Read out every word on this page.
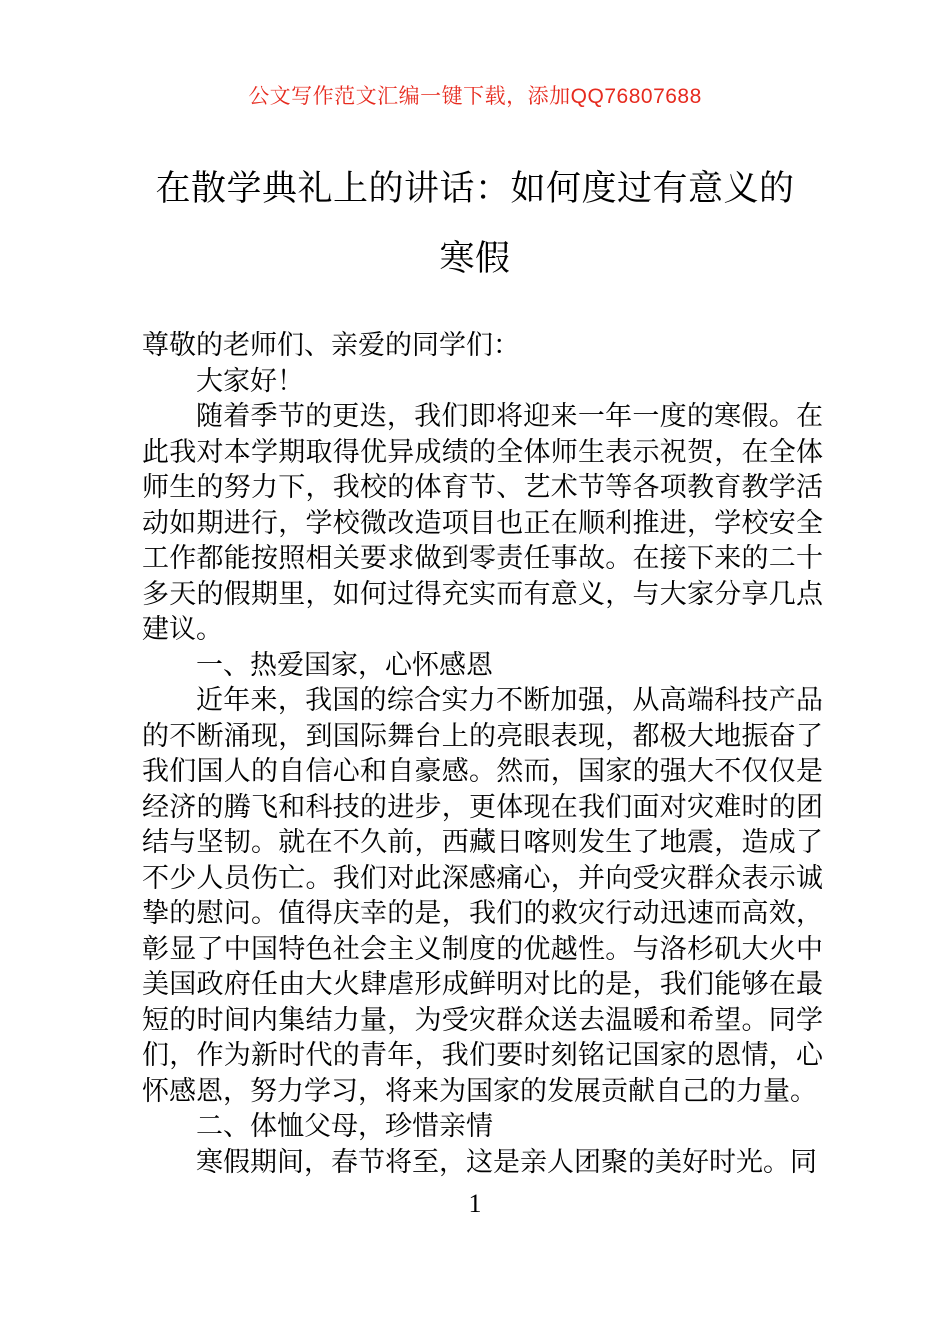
公文写作范文汇编一键下载，添加QQ76807688
在散学典礼上的讲话：如何度过有意义的寒假

尊敬的老师们、亲爱的同学们：

大家好！

随着季节的更迭，我们即将迎来一年一度的寒假。在此我对本学期取得优异成绩的全体师生表示祝贺，在全体师生的努力下，我校的体育节、艺术节等各项教育教学活动如期进行，学校微改造项目也正在顺利推进，学校安全工作都能按照相关要求做到零责任事故。在接下来的二十多天的假期里，如何过得充实而有意义，与大家分享几点建议。

一、热爱国家，心怀感恩

近年来，我国的综合实力不断加强，从高端科技产品的不断涌现，到国际舞台上的亮眼表现，都极大地振奋了我们国人的自信心和自豪感。然而，国家的强大不仅仅是经济的腾飞和科技的进步，更体现在我们面对灾难时的团结与坚韧。就在不久前，西藏日喀则发生了地震，造成了不少人员伤亡。我们对此深感痛心，并向受灾群众表示诚挚的慰问。值得庆幸的是，我们的救灾行动迅速而高效，彰显了中国特色社会主义制度的优越性。与洛杉矶大火中美国政府任由大火肆虐形成鲜明对比的是，我们能够在最短的时间内集结力量，为受灾群众送去温暖和希望。同学们，作为新时代的青年，我们要时刻铭记国家的恩情，心怀感恩，努力学习，将来为国家的发展贡献自己的力量。

二、体恤父母，珍惜亲情

寒假期间，春节将至，这是亲人团聚的美好时光。同

1
